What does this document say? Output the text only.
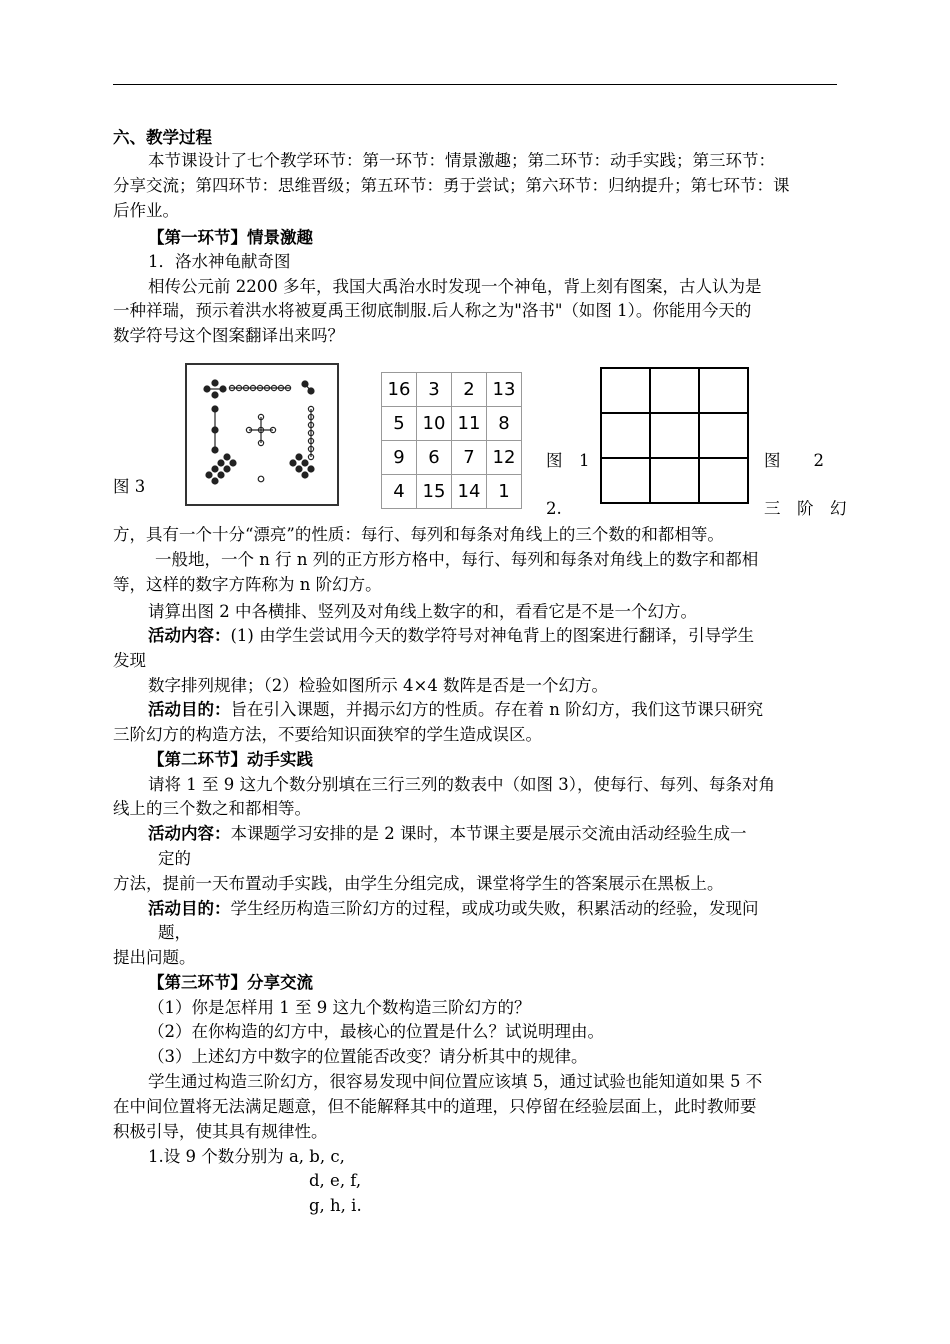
六、教学过程
本节课设计了七个教学环节：第一环节：情景激趣；第二环节：动手实践；第三环节：
分享交流；第四环节：思维晋级；第五环节：勇于尝试；第六环节：归纳提升；第七环节：课
后作业。
【第一环节】情景激趣
1．洛水神龟献奇图
相传公元前 2200 多年，我国大禹治水时发现一个神龟，背上刻有图案，古人认为是
一种祥瑞，预示着洪水将被夏禹王彻底制服.后人称之为"洛书"（如图 1）。你能用今天的
数学符号这个图案翻译出来吗？
16	3	2	13
5	10	11	8
9	6	7	12
4	15	14	1

图 3
图　1	图　　2
2.	三　阶　幻
方，具有一个十分“漂亮”的性质：每行、每列和每条对角线上的三个数的和都相等。
一般地，一个 n 行 n 列的正方形方格中，每行、每列和每条对角线上的数字和都相
等，这样的数字方阵称为 n 阶幻方。
请算出图 2 中各横排、竖列及对角线上数字的和，看看它是不是一个幻方。
活动内容：(1) 由学生尝试用今天的数学符号对神龟背上的图案进行翻译，引导学生
发现
数字排列规律；（2）检验如图所示 4×4 数阵是否是一个幻方。
活动目的：旨在引入课题，并揭示幻方的性质。存在着 n 阶幻方，我们这节课只研究
三阶幻方的构造方法，不要给知识面狭窄的学生造成误区。
【第二环节】动手实践
请将 1 至 9 这九个数分别填在三行三列的数表中（如图 3），使每行、每列、每条对角
线上的三个数之和都相等。
活动内容：本课题学习安排的是 2 课时，本节课主要是展示交流由活动经验生成一
定的
方法，提前一天布置动手实践，由学生分组完成，课堂将学生的答案展示在黑板上。
活动目的：学生经历构造三阶幻方的过程，或成功或失败，积累活动的经验，发现问
题，
提出问题。
【第三环节】分享交流
（1）你是怎样用 1 至 9 这九个数构造三阶幻方的？
（2）在你构造的幻方中，最核心的位置是什么？试说明理由。
（3）上述幻方中数字的位置能否改变？请分析其中的规律。
学生通过构造三阶幻方，很容易发现中间位置应该填 5，通过试验也能知道如果 5 不
在中间位置将无法满足题意，但不能解释其中的道理，只停留在经验层面上，此时教师要
积极引导，使其具有规律性。
1.设 9 个数分别为 a, b, c,
d, e, f,
g, h, i.
